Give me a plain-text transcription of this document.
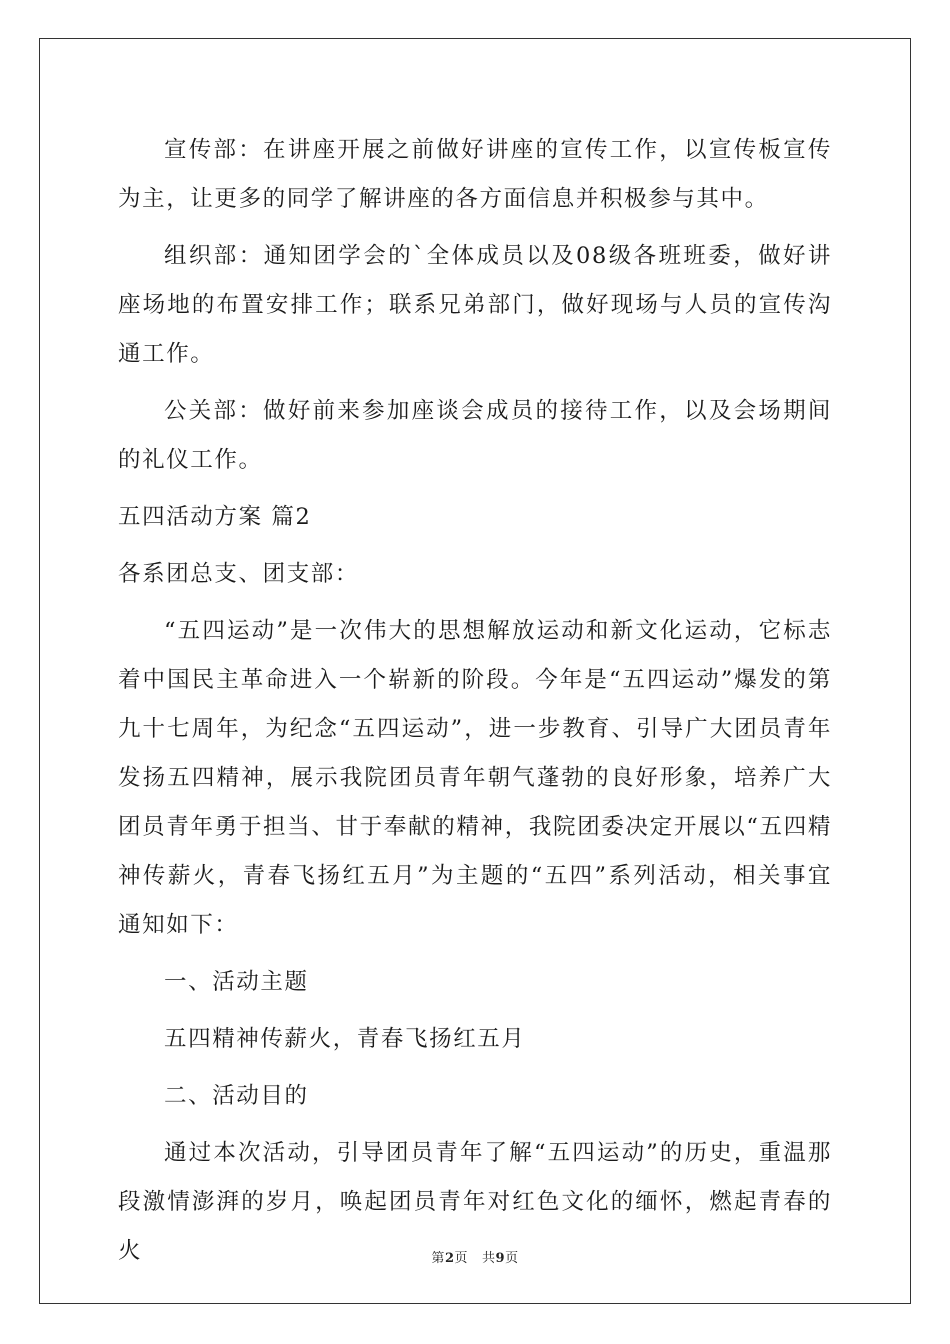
宣传部：在讲座开展之前做好讲座的宣传工作，以宣传板宣传为主，让更多的同学了解讲座的各方面信息并积极参与其中。

组织部：通知团学会的`全体成员以及08级各班班委，做好讲座场地的布置安排工作；联系兄弟部门，做好现场与人员的宣传沟通工作。

公关部：做好前来参加座谈会成员的接待工作，以及会场期间的礼仪工作。

五四活动方案 篇2

各系团总支、团支部：

“五四运动”是一次伟大的思想解放运动和新文化运动，它标志着中国民主革命进入一个崭新的阶段。今年是“五四运动”爆发的第九十七周年，为纪念“五四运动”，进一步教育、引导广大团员青年发扬五四精神，展示我院团员青年朝气蓬勃的良好形象，培养广大团员青年勇于担当、甘于奉献的精神，我院团委决定开展以“五四精神传薪火，青春飞扬红五月”为主题的“五四”系列活动，相关事宜通知如下：

一、活动主题

五四精神传薪火，青春飞扬红五月

二、活动目的

通过本次活动，引导团员青年了解“五四运动”的历史，重温那段激情澎湃的岁月，唤起团员青年对红色文化的缅怀，燃起青春的火	第2页 共9页
